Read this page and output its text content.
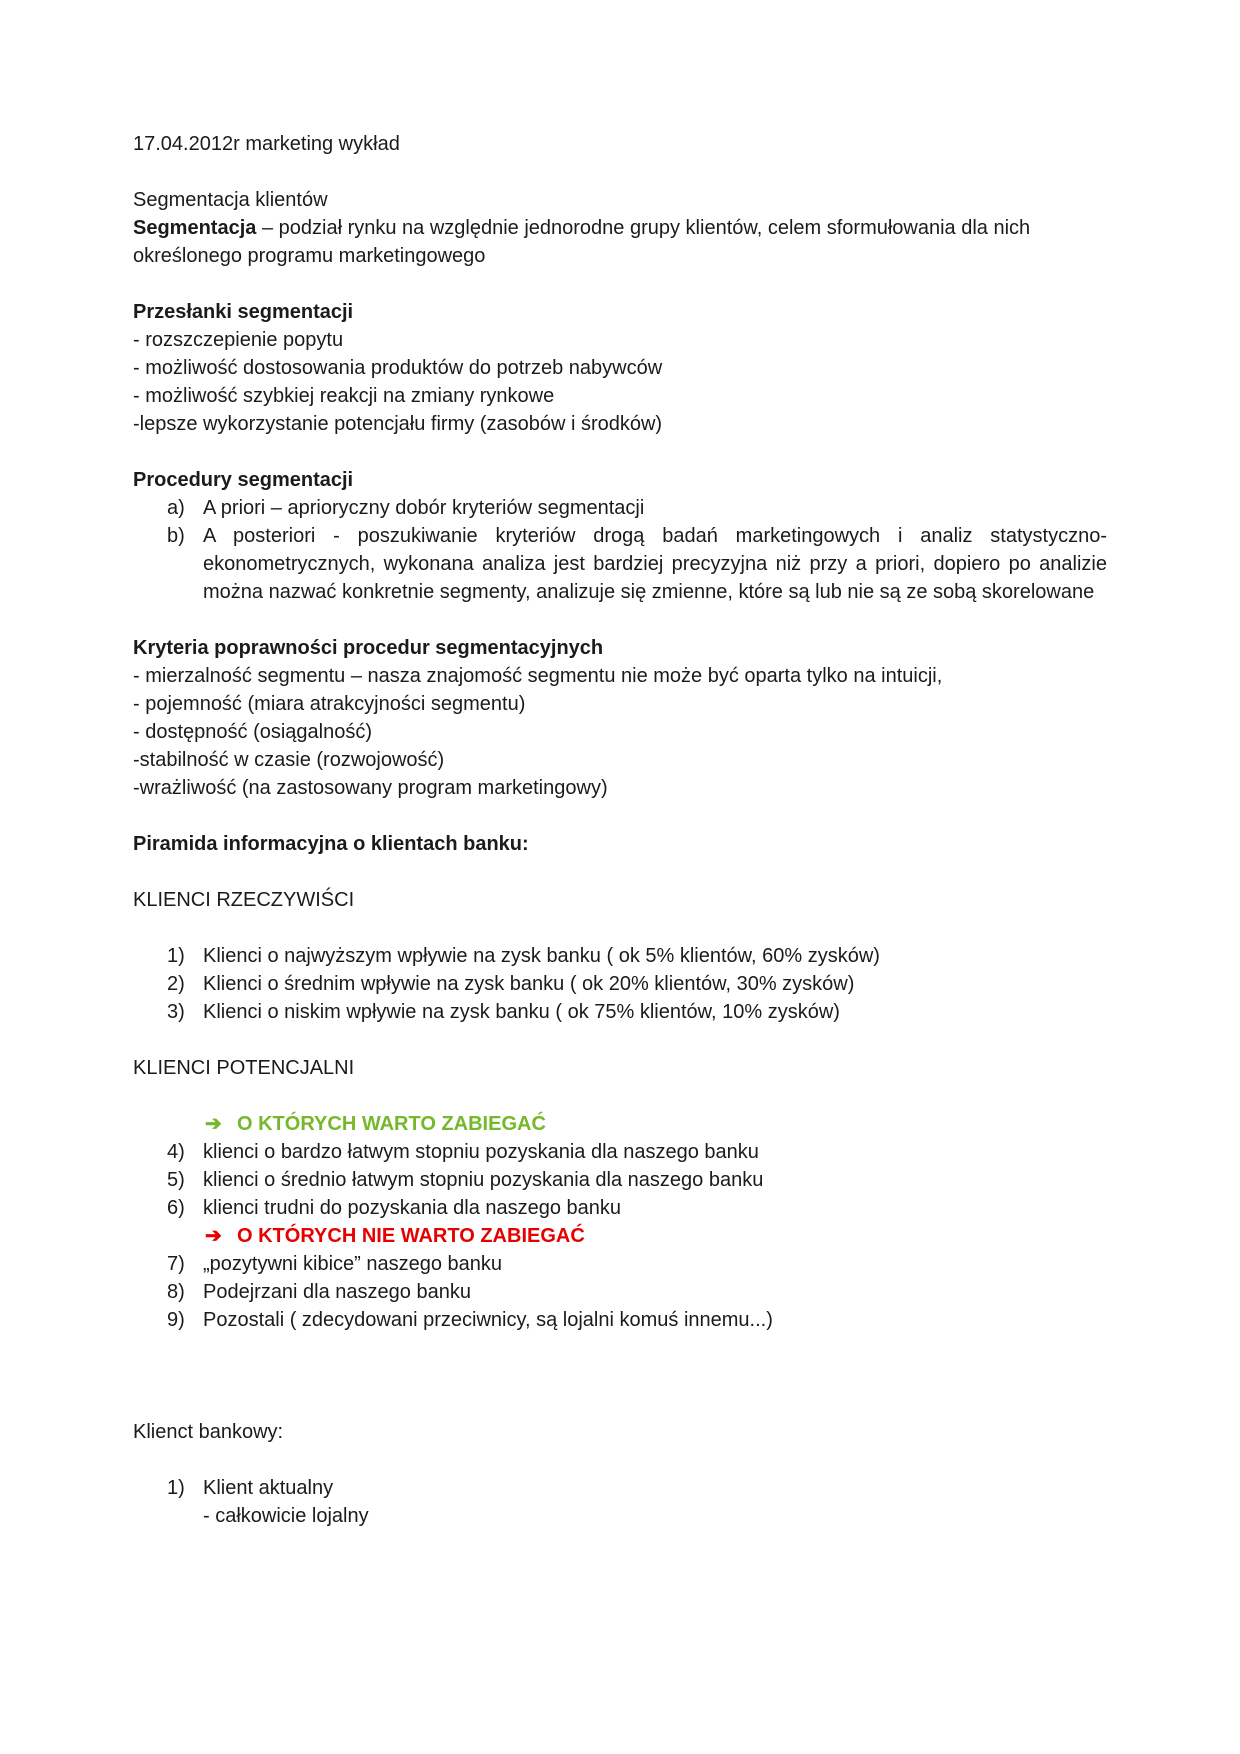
17.04.2012r marketing wykład
Segmentacja klientów
Segmentacja – podział rynku na względnie jednorodne grupy klientów, celem sformułowania dla nich określonego programu marketingowego
Przesłanki segmentacji
- rozszczepienie popytu
- możliwość dostosowania produktów do potrzeb nabywców
- możliwość szybkiej reakcji na zmiany rynkowe
-lepsze wykorzystanie potencjału firmy (zasobów i środków)
Procedury segmentacji
a) A priori – aprioryczny dobór kryteriów segmentacji
b) A posteriori - poszukiwanie kryteriów drogą badań marketingowych i analiz statystyczno-ekonometrycznych, wykonana analiza jest bardziej precyzyjna niż przy a priori, dopiero po analizie można nazwać konkretnie segmenty, analizuje się zmienne, które są lub nie są ze sobą skorelowane
Kryteria poprawności procedur segmentacyjnych
- mierzalność segmentu – nasza znajomość segmentu nie może być oparta tylko na intuicji,
- pojemność (miara atrakcyjności segmentu)
- dostępność (osiągalność)
-stabilność w czasie (rozwojowość)
-wrażliwość (na zastosowany program marketingowy)
Piramida informacyjna o klientach banku:
KLIENCI RZECZYWIŚCI
1) Klienci o najwyższym wpływie na zysk banku ( ok 5% klientów, 60% zysków)
2) Klienci o średnim wpływie na zysk banku ( ok 20% klientów, 30% zysków)
3) Klienci o niskim wpływie na zysk banku ( ok 75% klientów, 10% zysków)
KLIENCI POTENCJALNI
➔ O KTÓRYCH WARTO ZABIEGAĆ
4) klienci o bardzo łatwym stopniu pozyskania dla naszego banku
5) klienci o średnio łatwym stopniu pozyskania dla naszego banku
6) klienci trudni do pozyskania dla naszego banku
➔ O KTÓRYCH NIE WARTO ZABIEGAĆ
7) „pozytywni kibice” naszego banku
8) Podejrzani dla naszego banku
9) Pozostali ( zdecydowani przeciwnicy, są lojalni komuś innemu...)
Klienct bankowy:
1) Klient aktualny
- całkowicie lojalny
